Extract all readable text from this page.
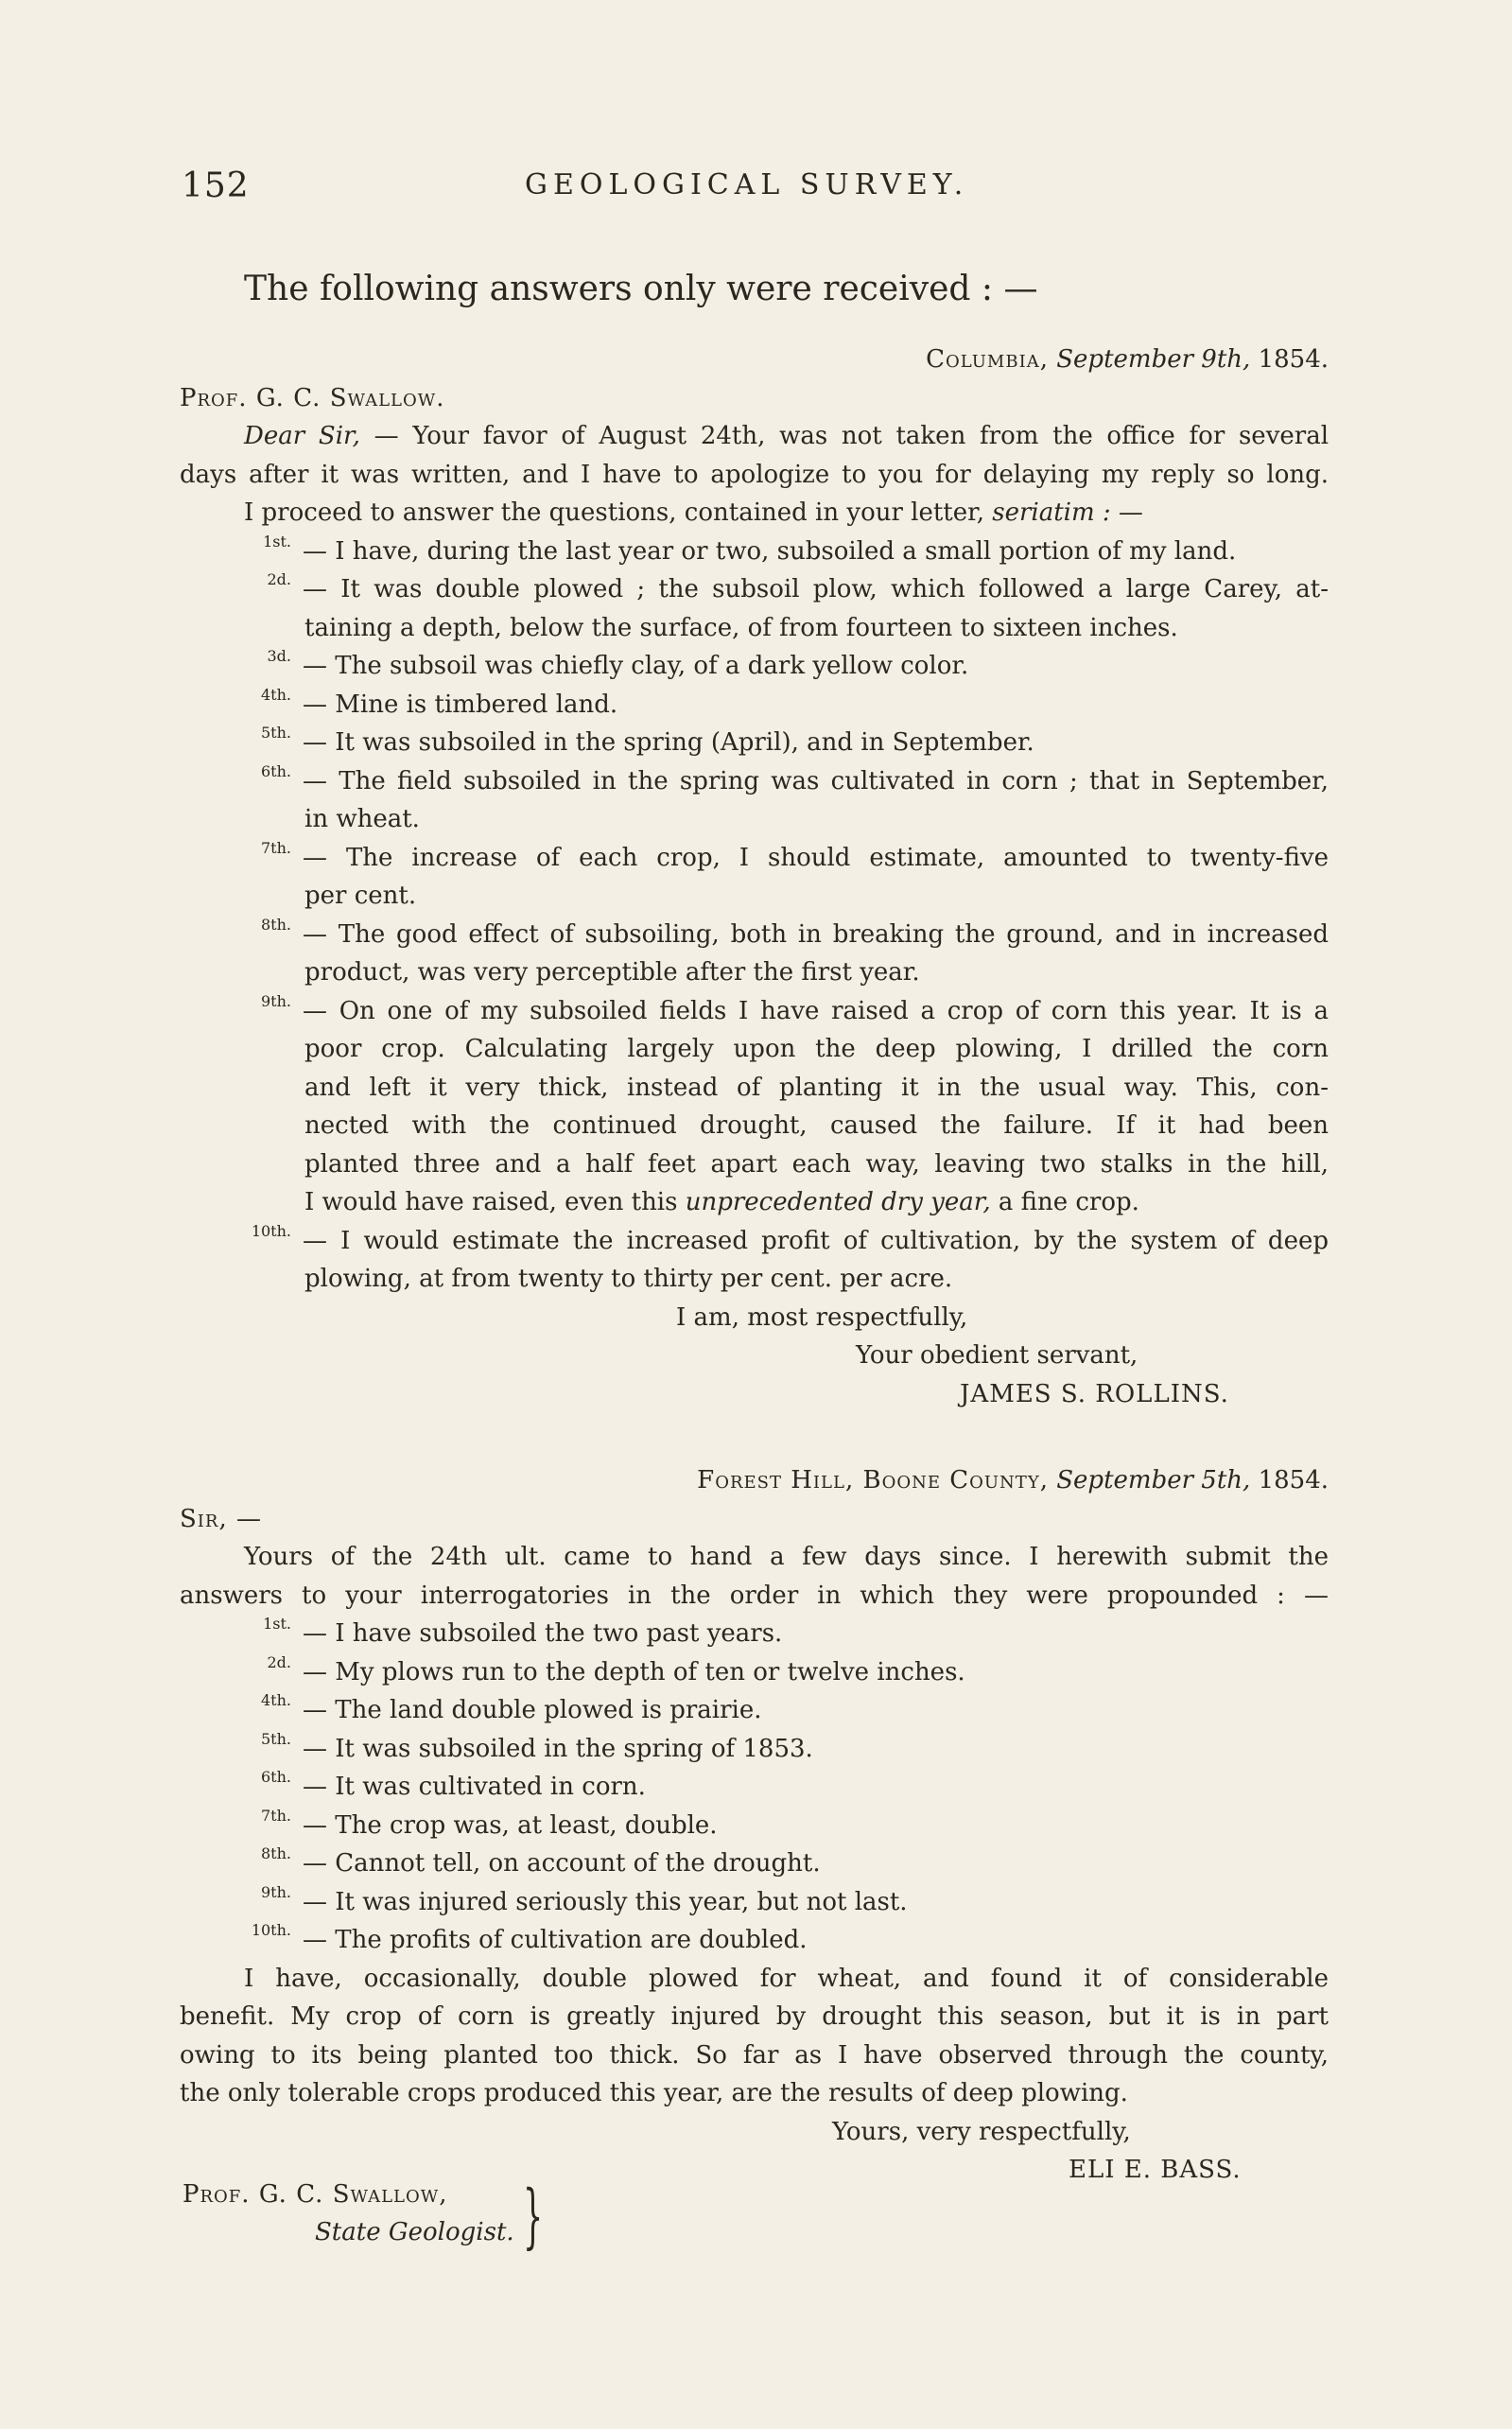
152	GEOLOGICAL SURVEY.
The following answers only were received : —
Columbia, September 9th, 1854.
Prof. G. C. Swallow.
Dear Sir, — Your favor of August 24th, was not taken from the office for several
days after it was written, and I have to apologize to you for delaying my reply so long.
I proceed to answer the questions, contained in your letter, seriatim : —
1st. — I have, during the last year or two, subsoiled a small portion of my land.
2d. — It was double plowed ; the subsoil plow, which followed a large Carey, at-
taining a depth, below the surface, of from fourteen to sixteen inches.
3d. — The subsoil was chiefly clay, of a dark yellow color.
4th. — Mine is timbered land.
5th. — It was subsoiled in the spring (April), and in September.
6th. — The field subsoiled in the spring was cultivated in corn ; that in September,
in wheat.
7th. — The increase of each crop, I should estimate, amounted to twenty-five
per cent.
8th. — The good effect of subsoiling, both in breaking the ground, and in increased
product, was very perceptible after the first year.
9th. — On one of my subsoiled fields I have raised a crop of corn this year. It is a
poor crop. Calculating largely upon the deep plowing, I drilled the corn
and left it very thick, instead of planting it in the usual way. This, con-
nected with the continued drought, caused the failure. If it had been
planted three and a half feet apart each way, leaving two stalks in the hill,
I would have raised, even this unprecedented dry year, a fine crop.
10th. — I would estimate the increased profit of cultivation, by the system of deep
plowing, at from twenty to thirty per cent. per acre.
I am, most respectfully,
Your obedient servant,
JAMES S. ROLLINS.
Forest Hill, Boone County, September 5th, 1854.
Sir, —
Yours of the 24th ult. came to hand a few days since. I herewith submit the
answers to your interrogatories in the order in which they were propounded : —
1st. — I have subsoiled the two past years.
2d. — My plows run to the depth of ten or twelve inches.
4th. — The land double plowed is prairie.
5th. — It was subsoiled in the spring of 1853.
6th. — It was cultivated in corn.
7th. — The crop was, at least, double.
8th. — Cannot tell, on account of the drought.
9th. — It was injured seriously this year, but not last.
10th. — The profits of cultivation are doubled.
I have, occasionally, double plowed for wheat, and found it of considerable
benefit. My crop of corn is greatly injured by drought this season, but it is in part
owing to its being planted too thick. So far as I have observed through the county,
the only tolerable crops produced this year, are the results of deep plowing.
Yours, very respectfully,
ELI E. BASS.
Prof. G. C. Swallow,
State Geologist. }
